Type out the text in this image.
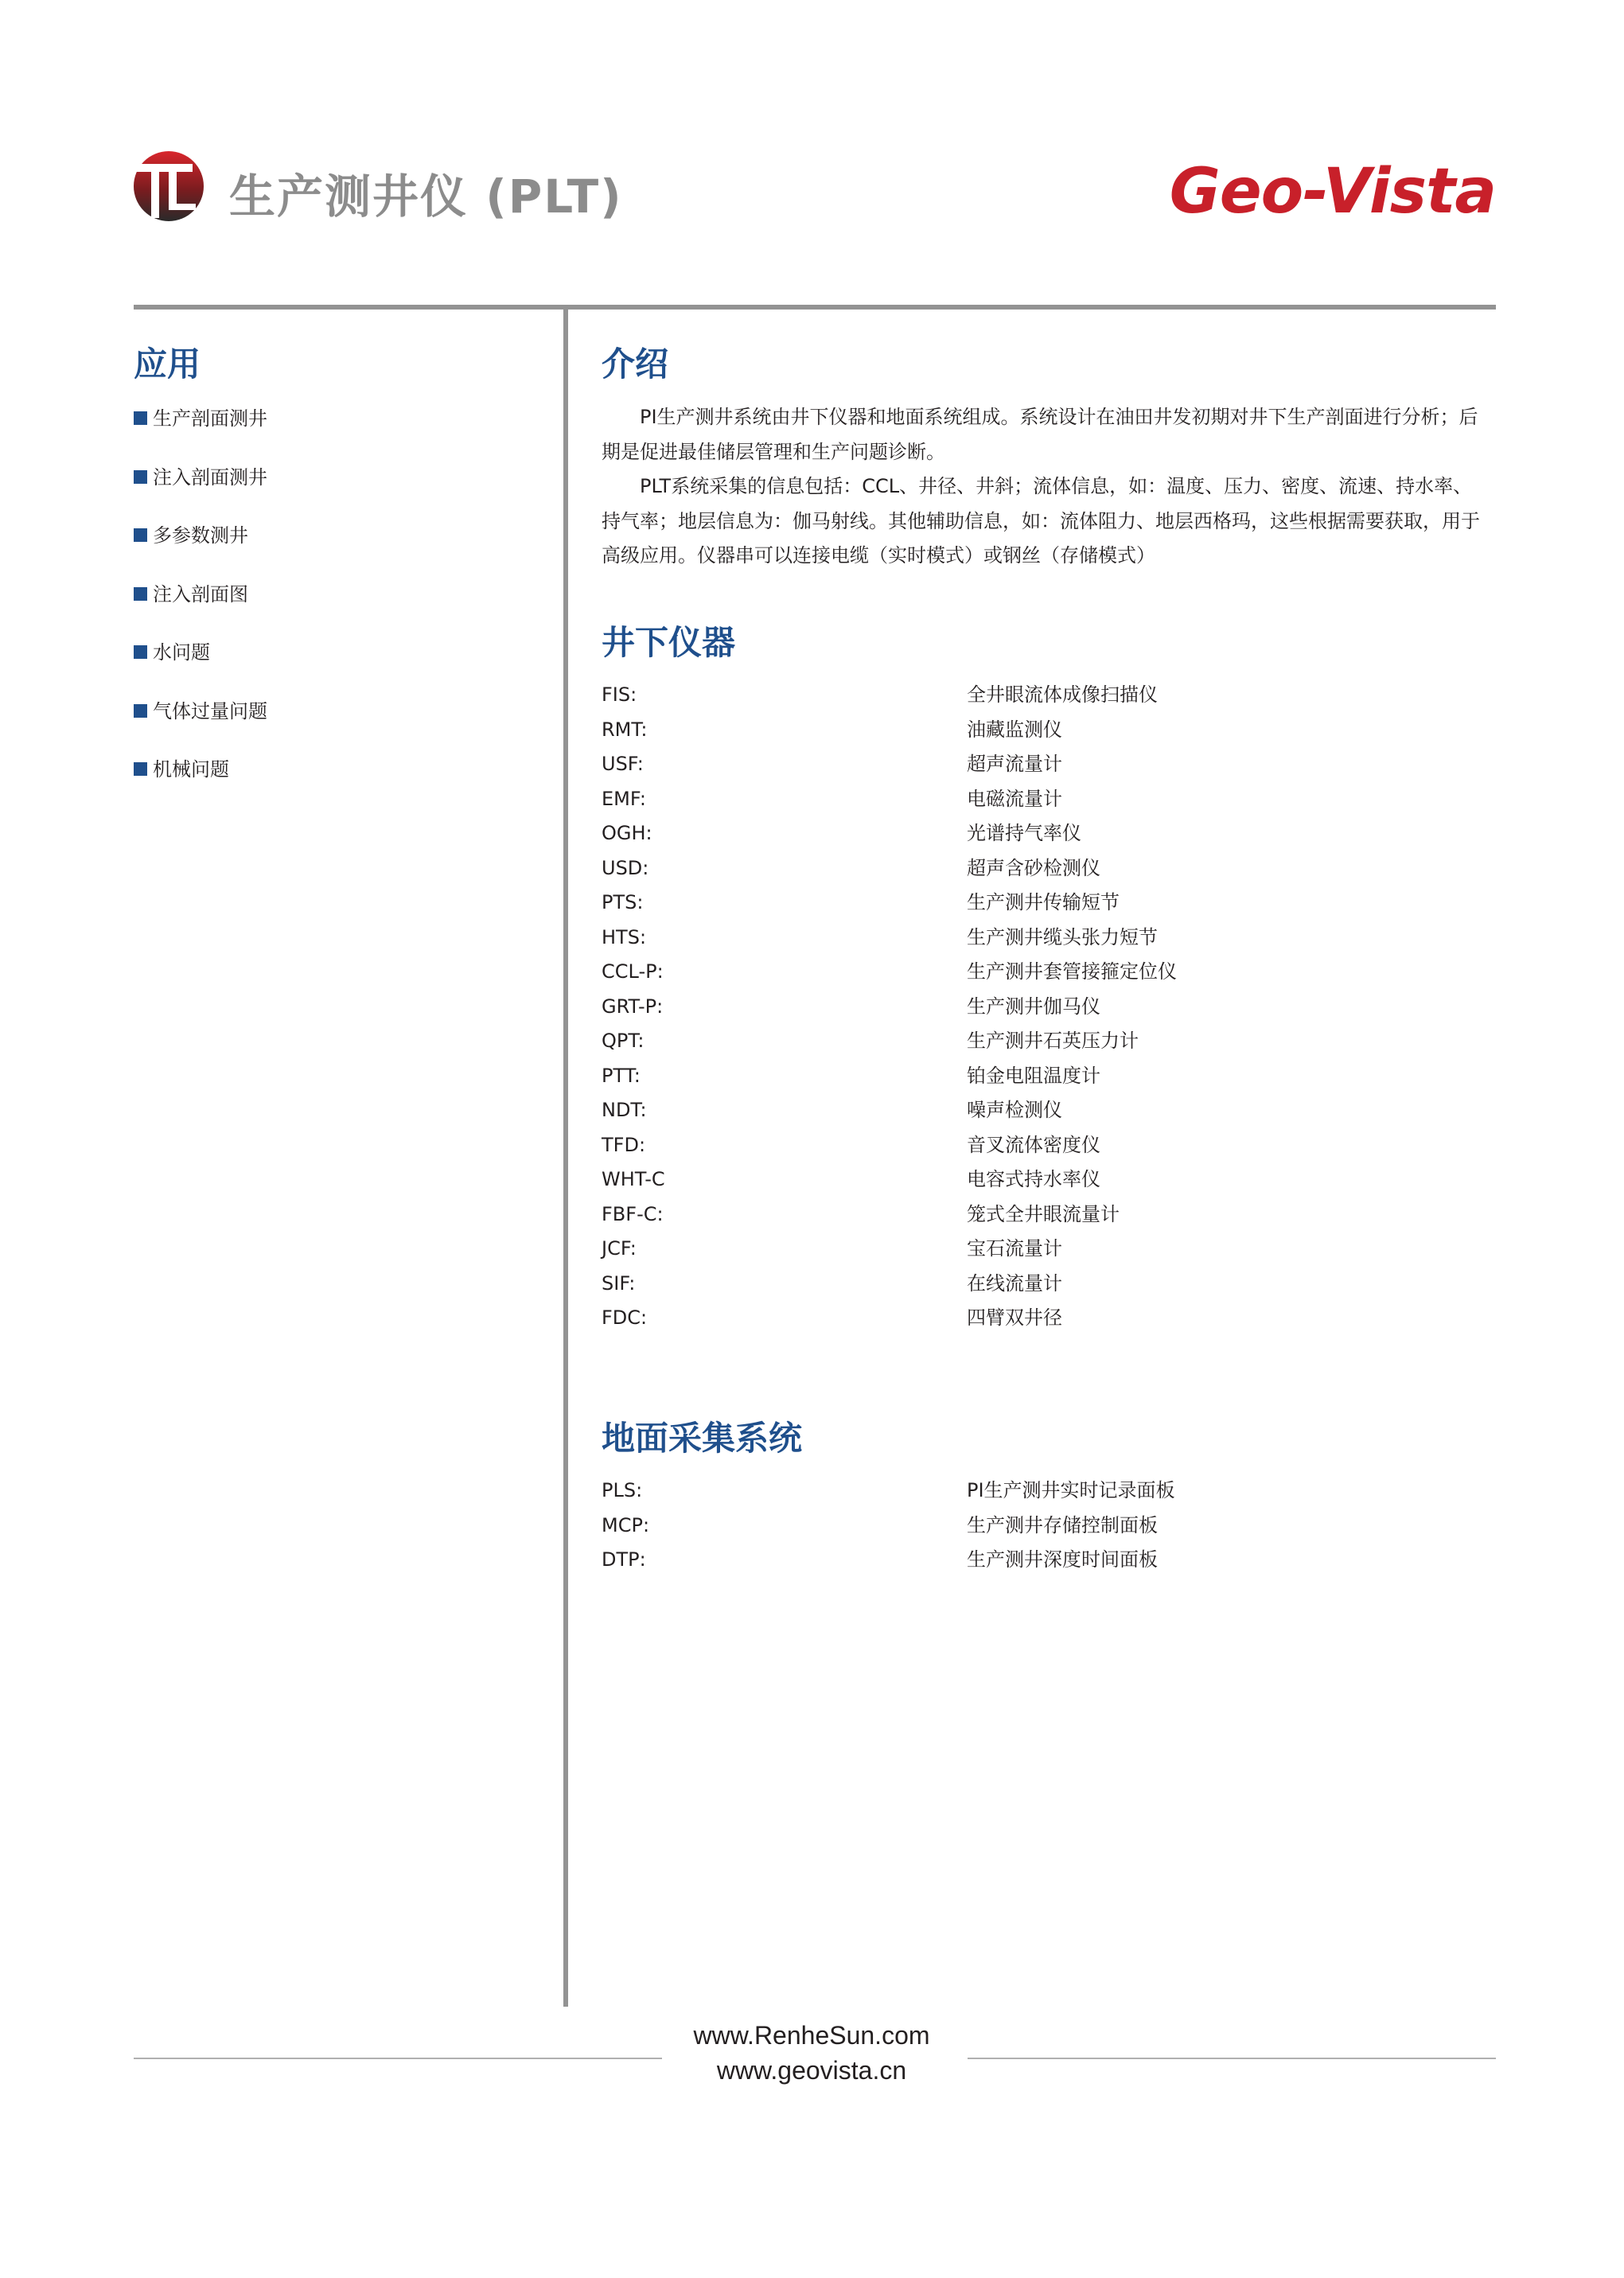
生产测井仪 (PLT)	Geo-Vista
应用
生产剖面测井
注入剖面测井
多参数测井
注入剖面图
水问题
气体过量问题
机械问题
介绍

PI生产测井系统由井下仪器和地面系统组成。系统设计在油田井发初期对井下生产剖面进行分析；后期是促进最佳储层管理和生产问题诊断。

PLT系统采集的信息包括：CCL、井径、井斜；流体信息，如：温度、压力、密度、流速、持水率、持气率；地层信息为：伽马射线。其他辅助信息，如：流体阻力、地层西格玛，这些根据需要获取，用于高级应用。仪器串可以连接电缆（实时模式）或钢丝（存储模式）

井下仪器
FIS:	全井眼流体成像扫描仪
RMT:	油藏监测仪
USF:	超声流量计
EMF:	电磁流量计
OGH:	光谱持气率仪
USD:	超声含砂检测仪
PTS:	生产测井传输短节
HTS:	生产测井缆头张力短节
CCL-P:	生产测井套管接箍定位仪
GRT-P:	生产测井伽马仪
QPT:	生产测井石英压力计
PTT:	铂金电阻温度计
NDT:	噪声检测仪
TFD:	音叉流体密度仪
WHT-C	电容式持水率仪
FBF-C:	笼式全井眼流量计
JCF:	宝石流量计
SIF:	在线流量计
FDC:	四臂双井径
地面采集系统
PLS:	PI生产测井实时记录面板
MCP:	生产测井存储控制面板
DTP:	生产测井深度时间面板
www.RenheSun.com
www.geovista.cn
